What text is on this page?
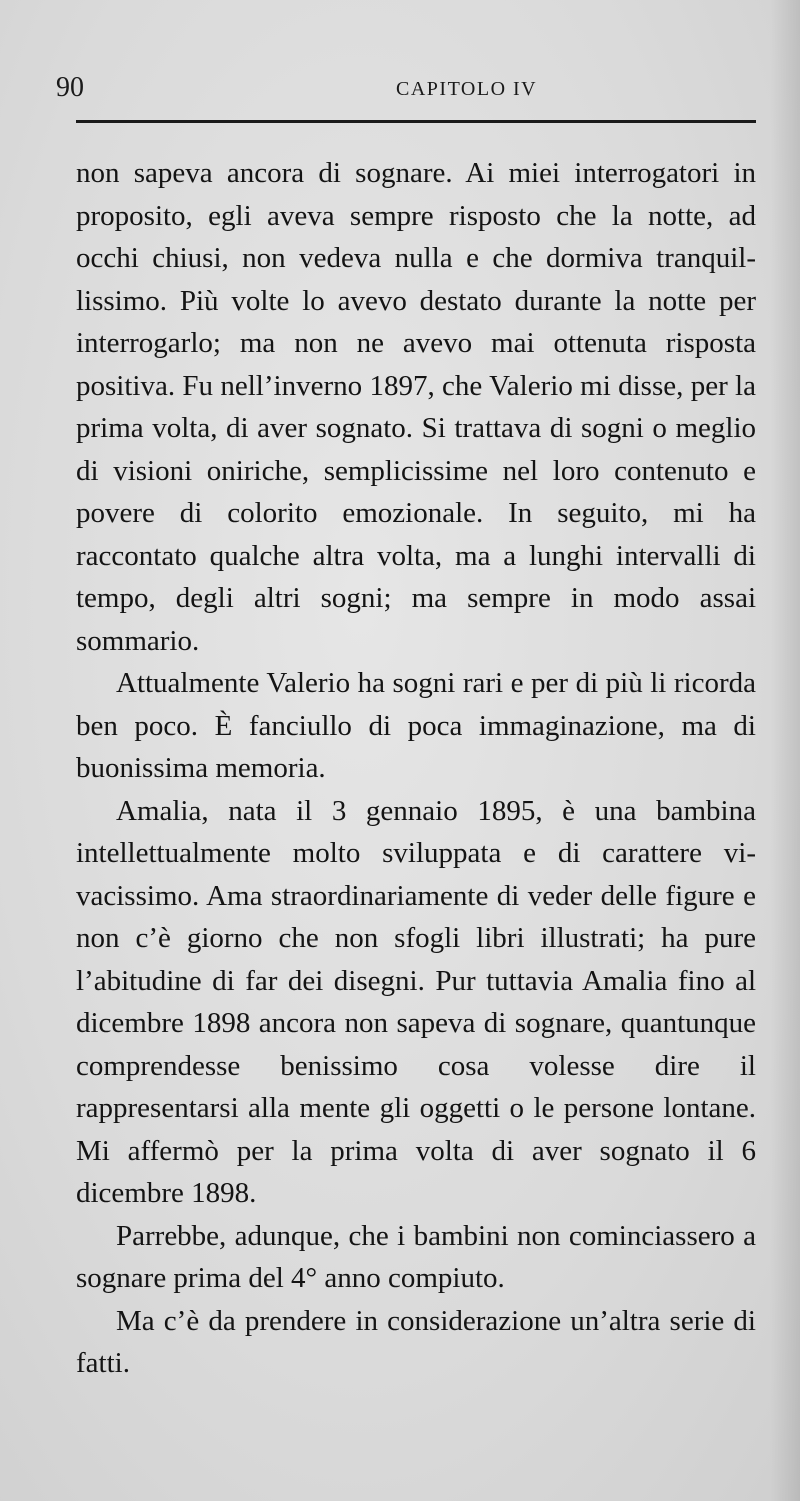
90	CAPITOLO IV

non sapeva ancora di sognare. Ai miei interrogatori in proposito, egli aveva sempre risposto che la notte, ad occhi chiusi, non vedeva nulla e che dormiva tranquillissimo. Più volte lo avevo destato durante la notte per interrogarlo; ma non ne avevo mai ottenuta risposta positiva. Fu nell’inverno 1897, che Valerio mi disse, per la prima volta, di aver sognato. Si trattava di sogni o meglio di visioni oniriche, semplicissime nel loro contenuto e povere di colorito emozionale. In seguito, mi ha raccontato qualche altra volta, ma a lunghi intervalli di tempo, degli altri sogni; ma sempre in modo assai sommario.

Attualmente Valerio ha sogni rari e per di più li ricorda ben poco. È fanciullo di poca immaginazione, ma di buonissima memoria.

Amalia, nata il 3 gennaio 1895, è una bambina intellettualmente molto sviluppata e di carattere vivacissimo. Ama straordinariamente di veder delle figure e non c’è giorno che non sfogli libri illustrati; ha pure l’abitudine di far dei disegni. Pur tuttavia Amalia fino al dicembre 1898 ancora non sapeva di sognare, quantunque comprendesse benissimo cosa volesse dire il rappresentarsi alla mente gli oggetti o le persone lontane. Mi affermò per la prima volta di aver sognato il 6 dicembre 1898.

Parrebbe, adunque, che i bambini non cominciassero a sognare prima del 4° anno compiuto.

Ma c’è da prendere in considerazione un’altra serie di fatti.
